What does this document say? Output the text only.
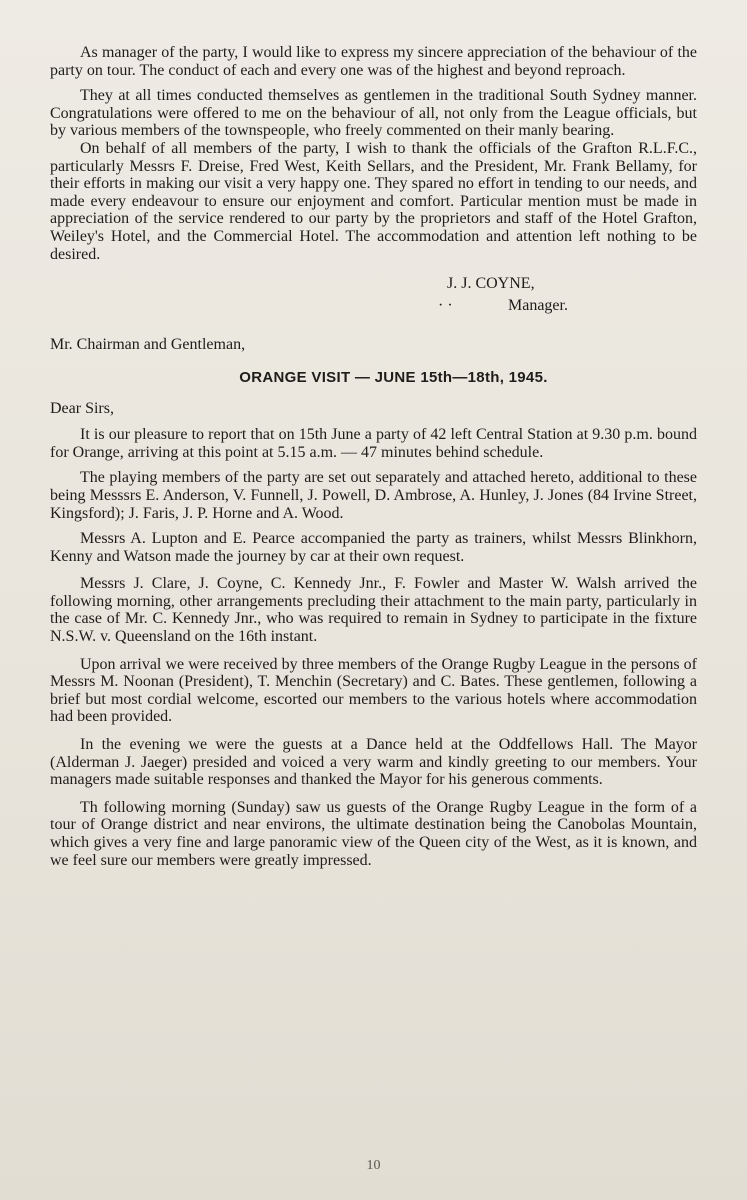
As manager of the party, I would like to express my sincere appreciation of the behaviour of the party on tour. The conduct of each and every one was of the highest and beyond reproach.

They at all times conducted themselves as gentlemen in the traditional South Sydney manner. Congratulations were offered to me on the behaviour of all, not only from the League officials, but by various members of the townspeople, who freely commented on their manly bearing.

On behalf of all members of the party, I wish to thank the officials of the Grafton R.L.F.C., particularly Messrs F. Dreise, Fred West, Keith Sellars, and the President, Mr. Frank Bellamy, for their efforts in making our visit a very happy one. They spared no effort in tending to our needs, and made every endeavour to ensure our enjoyment and comfort. Particular mention must be made in appreciation of the service rendered to our party by the proprietors and staff of the Hotel Grafton, Weiley's Hotel, and the Commercial Hotel. The accommodation and attention left nothing to be desired.

J. J. COYNE,
· ·	Manager.

Mr. Chairman and Gentleman,

ORANGE VISIT — JUNE 15th—18th, 1945.

Dear Sirs,

It is our pleasure to report that on 15th June a party of 42 left Central Station at 9.30 p.m. bound for Orange, arriving at this point at 5.15 a.m. — 47 minutes behind schedule.

The playing members of the party are set out separately and attached hereto, additional to these being Messsrs E. Anderson, V. Funnell, J. Powell, D. Ambrose, A. Hunley, J. Jones (84 Irvine Street, Kingsford); J. Faris, J. P. Horne and A. Wood.

Messrs A. Lupton and E. Pearce accompanied the party as trainers, whilst Messrs Blinkhorn, Kenny and Watson made the journey by car at their own request.

Messrs J. Clare, J. Coyne, C. Kennedy Jnr., F. Fowler and Master W. Walsh arrived the following morning, other arrangements precluding their attachment to the main party, particularly in the case of Mr. C. Kennedy Jnr., who was required to remain in Sydney to participate in the fixture N.S.W. v. Queensland on the 16th instant.

Upon arrival we were received by three members of the Orange Rugby League in the persons of Messrs M. Noonan (President), T. Menchin (Secretary) and C. Bates. These gentlemen, following a brief but most cordial welcome, escorted our members to the various hotels where accommodation had been provided.

In the evening we were the guests at a Dance held at the Oddfellows Hall. The Mayor (Alderman J. Jaeger) presided and voiced a very warm and kindly greeting to our members. Your managers made suitable responses and thanked the Mayor for his generous comments.

Th following morning (Sunday) saw us guests of the Orange Rugby League in the form of a tour of Orange district and near environs, the ultimate destination being the Canobolas Mountain, which gives a very fine and large panoramic view of the Queen city of the West, as it is known, and we feel sure our members were greatly impressed.

10
